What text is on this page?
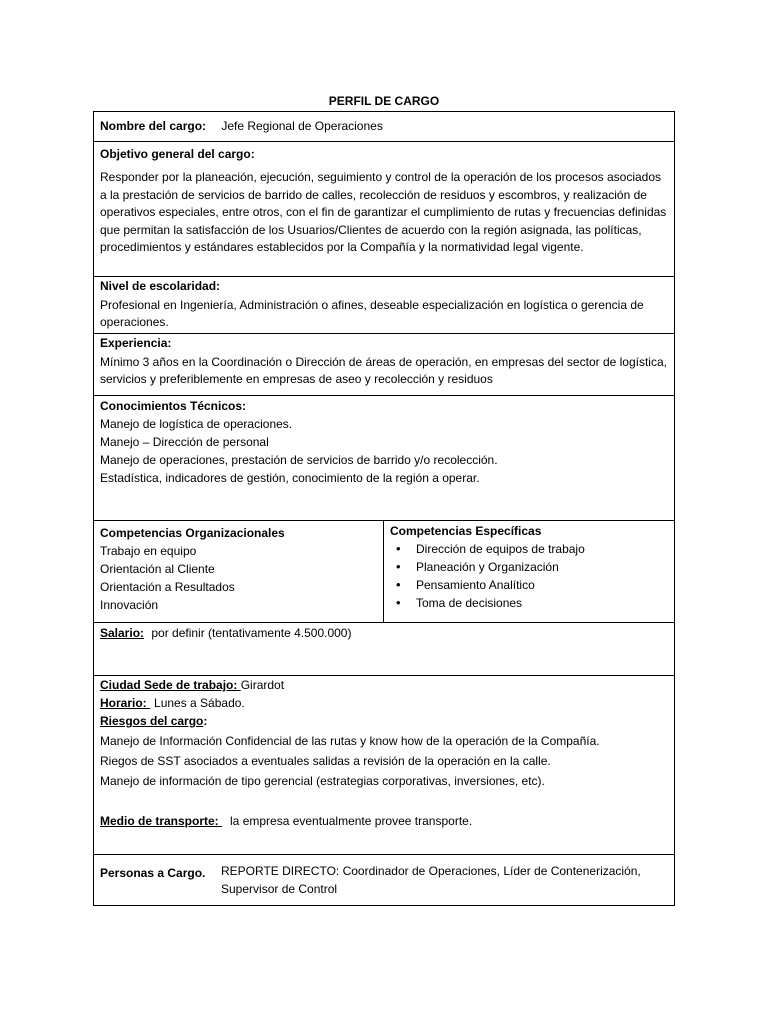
PERFIL DE CARGO
Nombre del cargo: Jefe Regional de Operaciones
Objetivo general del cargo:
Responder por la planeación, ejecución, seguimiento y control de la operación de los procesos asociados a la prestación de servicios de barrido de calles, recolección de residuos y escombros, y realización de operativos especiales, entre otros, con el fin de garantizar el cumplimiento de rutas y frecuencias definidas que permitan la satisfacción de los Usuarios/Clientes de acuerdo con la región asignada, las políticas, procedimientos y estándares establecidos por la Compañía y la normatividad legal vigente.
Nivel de escolaridad:
Profesional en Ingeniería, Administración o afines, deseable especialización en logística o gerencia de operaciones.
Experiencia:
Mínimo 3 años en la Coordinación o Dirección de áreas de operación, en empresas del sector de logística, servicios y preferiblemente en empresas de aseo y recolección y residuos
Conocimientos Técnicos:
Manejo de logística de operaciones.
Manejo – Dirección de personal
Manejo de operaciones, prestación de servicios de barrido y/o recolección.
Estadística, indicadores de gestión, conocimiento de la región a operar.
Competencias Organizacionales
Trabajo en equipo
Orientación al Cliente
Orientación a Resultados
Innovación
Competencias Específicas
• Dirección de equipos de trabajo
• Planeación y Organización
• Pensamiento Analítico
• Toma de decisiones
Salario: por definir (tentativamente 4.500.000)
Ciudad Sede de trabajo: Girardot
Horario: Lunes a Sábado.
Riesgos del cargo:
Manejo de Información Confidencial de las rutas y know how de la operación de la Compañía.
Riegos de SST asociados a eventuales salidas a revisión de la operación en la calle.
Manejo de información de tipo gerencial (estrategias corporativas, inversiones, etc).
Medio de transporte: la empresa eventualmente provee transporte.
Personas a Cargo. REPORTE DIRECTO: Coordinador de Operaciones, Líder de Contenerización,
Supervisor de Control
